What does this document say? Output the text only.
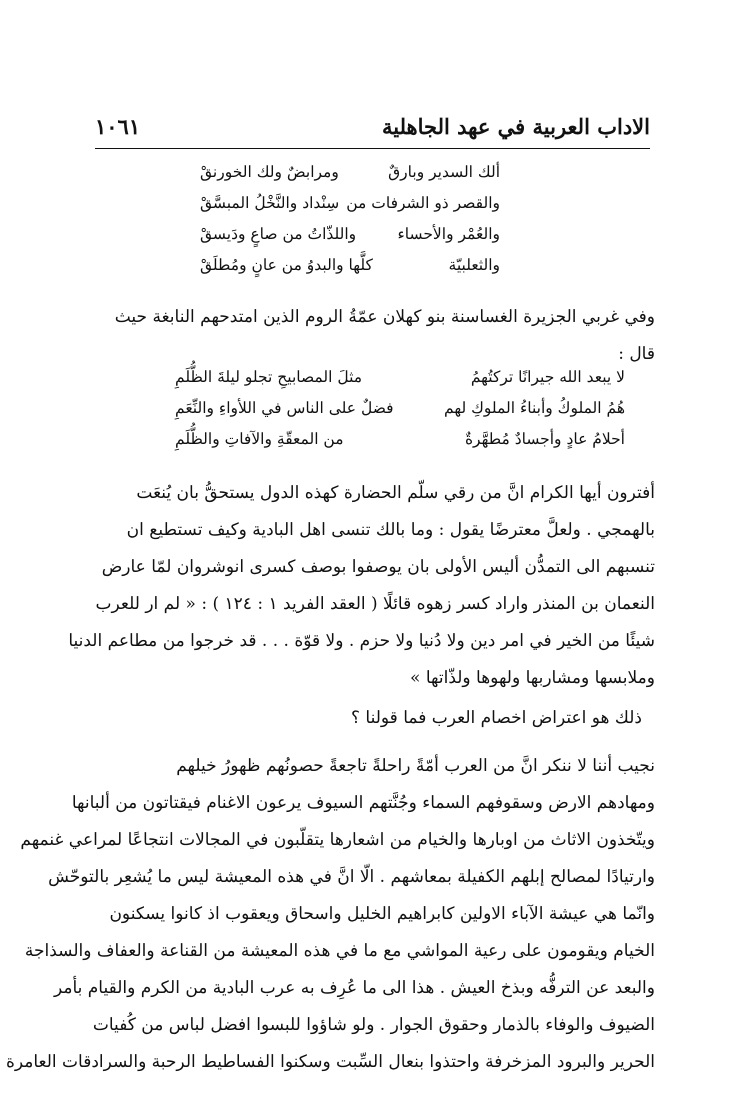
الاداب العربية في عهد الجاهلية
١٠٦١
ألك السدير وبارقٌ
ومرابضٌ ولك الخورنقْ
والقصر ذو الشرفات من
سِنْداد والنَّخْلُ المبسَّقْ
والعُمْر والأحساء
واللذّاتُ من صاعٍ ودَيسقْ
والثعلبيّة
كلَّها والبدوُ من عانٍ ومُطلَقْ
وفي غربي الجزيرة الغساسنة بنو كهلان عمّةُ الروم الذين امتدحهم النابغة حيث
قال :
لا يبعد الله جيرانًا تركتُهمُ
مثلَ المصابيحِ تجلو ليلةَ الظُّلَمِ
هُمُ الملوكُ وأبناءُ الملوكِ لهم
فضلٌ على الناس في اللأواءِ والنِّعَمِ
أحلامُ عادٍ وأجسادٌ مُطهَّرةٌ
من المعقّةِ والآفاتِ والظُّلَمِ
أفترون أيها الكرام انَّ من رقي سلّم الحضارة كهذه الدول يستحقُّ بان يُنعَت
بالهمجي . ولعلَّ معترضًا يقول : وما بالك تنسى اهل البادية وكيف تستطيع ان
تنسبهم الى التمدُّن أليس الأولى بان يوصفوا بوصف كسرى انوشروان لمّا عارض
النعمان بن المنذر واراد كسر زهوه قائلًا ( العقد الفريد ١ : ١٢٤ ) : « لم ار للعرب
شيئًا من الخير في امر دين ولا دُنيا ولا حزم . ولا قوّة . . . قد خرجوا من مطاعم الدنيا
وملابسها ومشاربها ولهوها ولذّاتها »
ذلك هو اعتراض اخصام العرب فما قولنا ؟
نجيب أننا لا ننكر انَّ من العرب أمّةً راحلةً تاجعةً حصونُهم ظهورُ خيلهم
ومهادهم الارض وسقوفهم السماء وجُنَّتهم السيوف يرعون الاغنام فيقتاتون من ألبانها
ويتّخذون الاثاث من اوبارها والخيام من اشعارها يتقلّبون في المجالات انتجاعًا لمراعي غنمهم
وارتيادًا لمصالح إبلهم الكفيلة بمعاشهم . الّا انَّ في هذه المعيشة ليس ما يُشعِر بالتوحّش
وانّما هي عيشة الآباء الاولين كابراهيم الخليل واسحاق ويعقوب اذ كانوا يسكنون
الخيام ويقومون على رعية المواشي مع ما في هذه المعيشة من القناعة والعفاف والسذاجة
والبعد عن الترفُّه وبذخ العيش . هذا الى ما عُرِف به عرب البادية من الكرم والقيام بأمر
الضيوف والوفاء بالذمار وحقوق الجوار . ولو شاؤوا للبسوا افضل لباس من كُفيات
الحرير والبرود المزخرفة واحتذوا بنعال السِّبت وسكنوا الفساطيط الرحبة والسرادقات العامرة
